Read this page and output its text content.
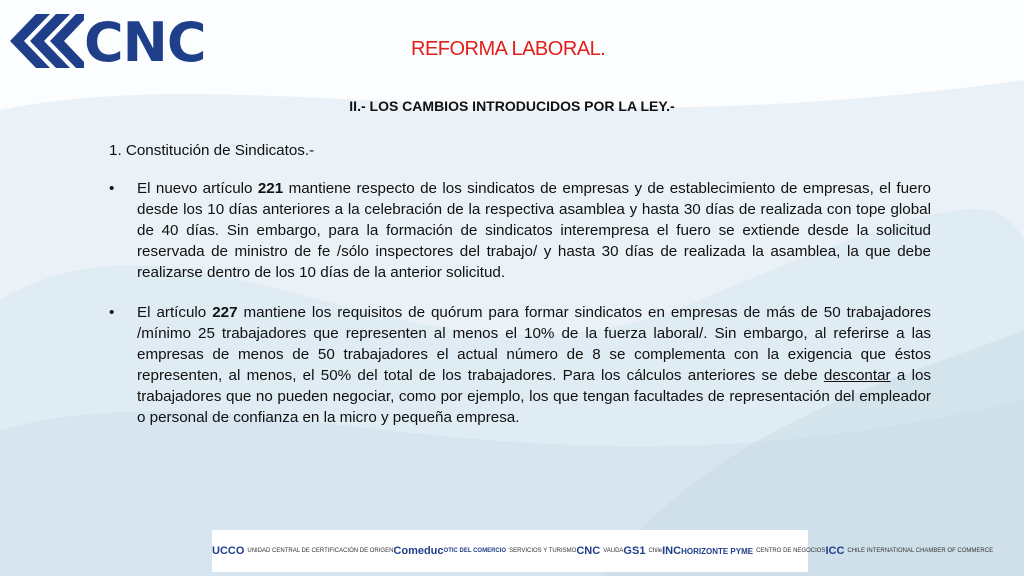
CNC	REFORMA LABORAL.
II.- LOS CAMBIOS INTRODUCIDOS POR LA LEY.-
1. Constitución de Sindicatos.-
• El nuevo artículo 221 mantiene respecto de los sindicatos de empresas y de establecimiento de empresas, el fuero desde los 10 días anteriores a la celebración de la respectiva asamblea y hasta 30 días de realizada con tope global de 40 días. Sin embargo, para la formación de sindicatos interempresa el fuero se extiende desde la solicitud reservada de ministro de fe /sólo inspectores del trabajo/ y hasta 30 días de realizada la asamblea, la que debe realizarse dentro de los 10 días de la anterior solicitud.
• El artículo 227 mantiene los requisitos de quórum para formar sindicatos en empresas de más de 50 trabajadores /mínimo 25 trabajadores que representen al menos el 10% de la fuerza laboral/. Sin embargo, al referirse a las empresas de menos de 50 trabajadores el actual número de 8 se complementa con la exigencia que éstos representen, al menos, el 50% del total de los trabajadores. Para los cálculos anteriores se debe descontar a los trabajadores que no pueden negociar, como por ejemplo, los que tengan facultades de representación del empleador o personal de confianza en la micro y pequeña empresa.
UCCO UNIDAD CENTRAL DE CERTIFICACIÓN DE ORIGEN Comeduc OTIC DEL COMERCIO SERVICIOS Y TURISMO CNC VAUDA GS1 Chile INC HORIZONTE PYME CENTRO DE NEGOCIOS ICC CHILE INTERNATIONAL CHAMBER OF COMMERCE
